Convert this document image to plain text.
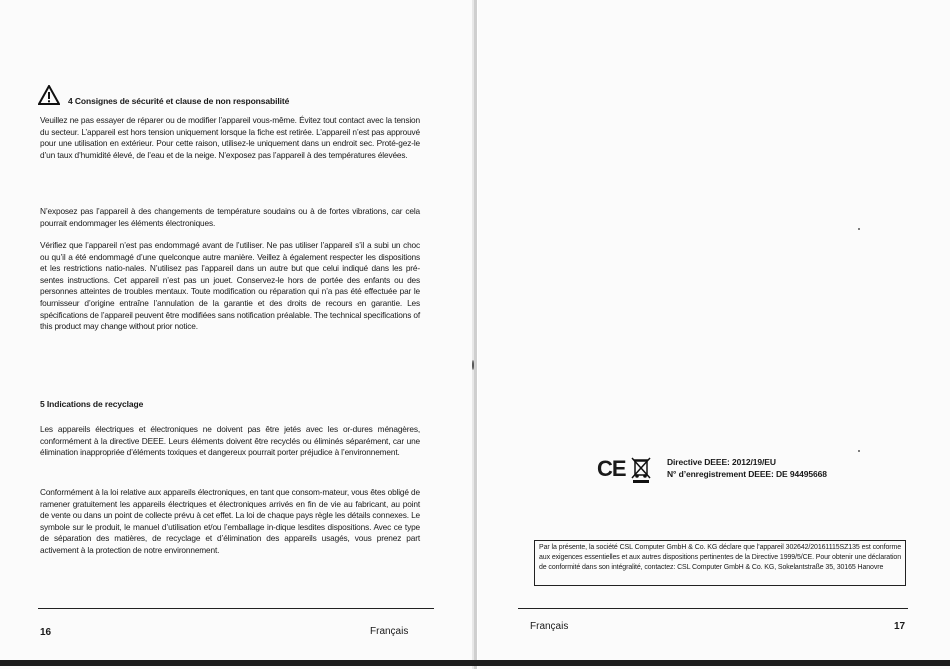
4 Consignes de sécurité et clause de non responsabilité
Veuillez ne pas essayer de réparer ou de modifier l’appareil vous-même. Évitez tout contact avec la tension du secteur. L’appareil est hors tension uniquement lorsque la fiche est retirée. L’appareil n’est pas approuvé pour une utilisation en extérieur. Pour cette raison, utilisez-le uniquement dans un endroit sec. Proté-gez-le d’un taux d’humidité élevé, de l’eau et de la neige. N’exposez pas l’appareil à des températures élevées.
N’exposez pas l’appareil à des changements de température soudains ou à de fortes vibrations, car cela pourrait endommager les éléments électroniques.
Vérifiez que l’appareil n’est pas endommagé avant de l’utiliser. Ne pas utiliser l’appareil s’il a subi un choc ou qu’il a été endommagé d’une quelconque autre manière. Veillez à également respecter les dispositions et les restrictions natio-nales. N’utilisez pas l’appareil dans un autre but que celui indiqué dans les pré-sentes instructions. Cet appareil n’est pas un jouet. Conservez-le hors de portée des enfants ou des personnes atteintes de troubles mentaux. Toute modification ou réparation qui n’a pas été effectuée par le fournisseur d’origine entraîne l’annulation de la garantie et des droits de recours en garantie. Les spécifications de l’appareil peuvent être modifiées sans notification préalable. The technical specifications of this product may change without prior notice.
5 Indications de recyclage
Les appareils électriques et électroniques ne doivent pas être jetés avec les or-dures ménagères, conformément à la directive DEEE. Leurs éléments doivent être recyclés ou éliminés séparément, car une élimination inappropriée d’éléments toxiques et dangereux pourrait porter préjudice à l’environnement.
Conformément à la loi relative aux appareils électroniques, en tant que consom-mateur, vous êtes obligé de ramener gratuitement les appareils électriques et électroniques arrivés en fin de vie au fabricant, au point de vente ou dans un point de collecte prévu à cet effet. La loi de chaque pays règle les détails connexes. Le symbole sur le produit, le manuel d’utilisation et/ou l’emballage in-dique lesdites dispositions. Avec ce type de séparation des matières, de recyclage et d’élimination des appareils usagés, vous prenez part activement à la protection de notre environnement.
16	Français
CE	Directive DEEE: 2012/19/EU
N° d’enregistrement DEEE: DE 94495668
Par la présente, la société CSL Computer GmbH & Co. KG déclare que l’appareil 302642/20161115SZ135 est conforme aux exigences essentielles et aux autres dispositions pertinentes de la Directive 1999/5/CE. Pour obtenir une déclaration de conformité dans son intégralité, contactez: CSL Computer GmbH & Co. KG, Sokelantstraße 35, 30165 Hanovre
Français	17
